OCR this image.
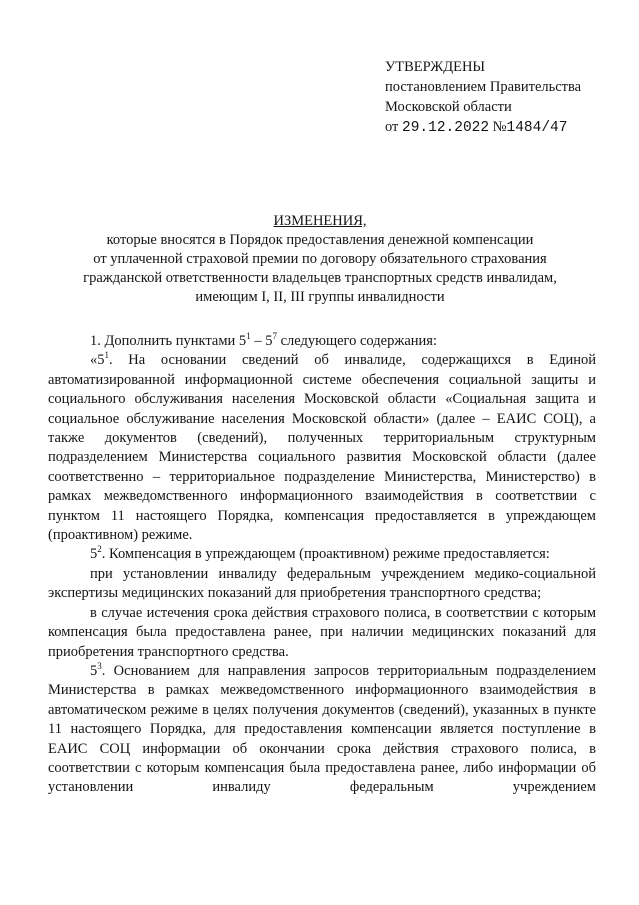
УТВЕРЖДЕНЫ
постановлением Правительства
Московской области
от 29.12.2022 №1484/47
ИЗМЕНЕНИЯ,
которые вносятся в Порядок предоставления денежной компенсации
от уплаченной страховой премии по договору обязательного страхования
гражданской ответственности владельцев транспортных средств инвалидам,
имеющим I, II, III группы инвалидности

1. Дополнить пунктами $5^1 - 5^7$ следующего содержания:

«$5^1$. На основании сведений об инвалиде, содержащихся в Единой автоматизированной информационной системе обеспечения социальной защиты и социального обслуживания населения Московской области «Социальная защита и социальное обслуживание населения Московской области» (далее – ЕАИС СОЦ), а также документов (сведений), полученных территориальным структурным подразделением Министерства социального развития Московской области (далее соответственно – территориальное подразделение Министерства, Министерство) в рамках межведомственного информационного взаимодействия в соответствии с пунктом 11 настоящего Порядка, компенсация предоставляется в упреждающем (проактивном) режиме.

$5^2$. Компенсация в упреждающем (проактивном) режиме предоставляется:

при установлении инвалиду федеральным учреждением медико-социальной экспертизы медицинских показаний для приобретения транспортного средства;

в случае истечения срока действия страхового полиса, в соответствии с которым компенсация была предоставлена ранее, при наличии медицинских показаний для приобретения транспортного средства.

$5^3$. Основанием для направления запросов территориальным подразделением Министерства в рамках межведомственного информационного взаимодействия в автоматическом режиме в целях получения документов (сведений), указанных в пункте 11 настоящего Порядка, для предоставления компенсации является поступление в ЕАИС СОЦ информации об окончании срока действия страхового полиса, в соответствии с которым компенсация была предоставлена ранее, либо информации об установлении инвалиду федеральным учреждением
